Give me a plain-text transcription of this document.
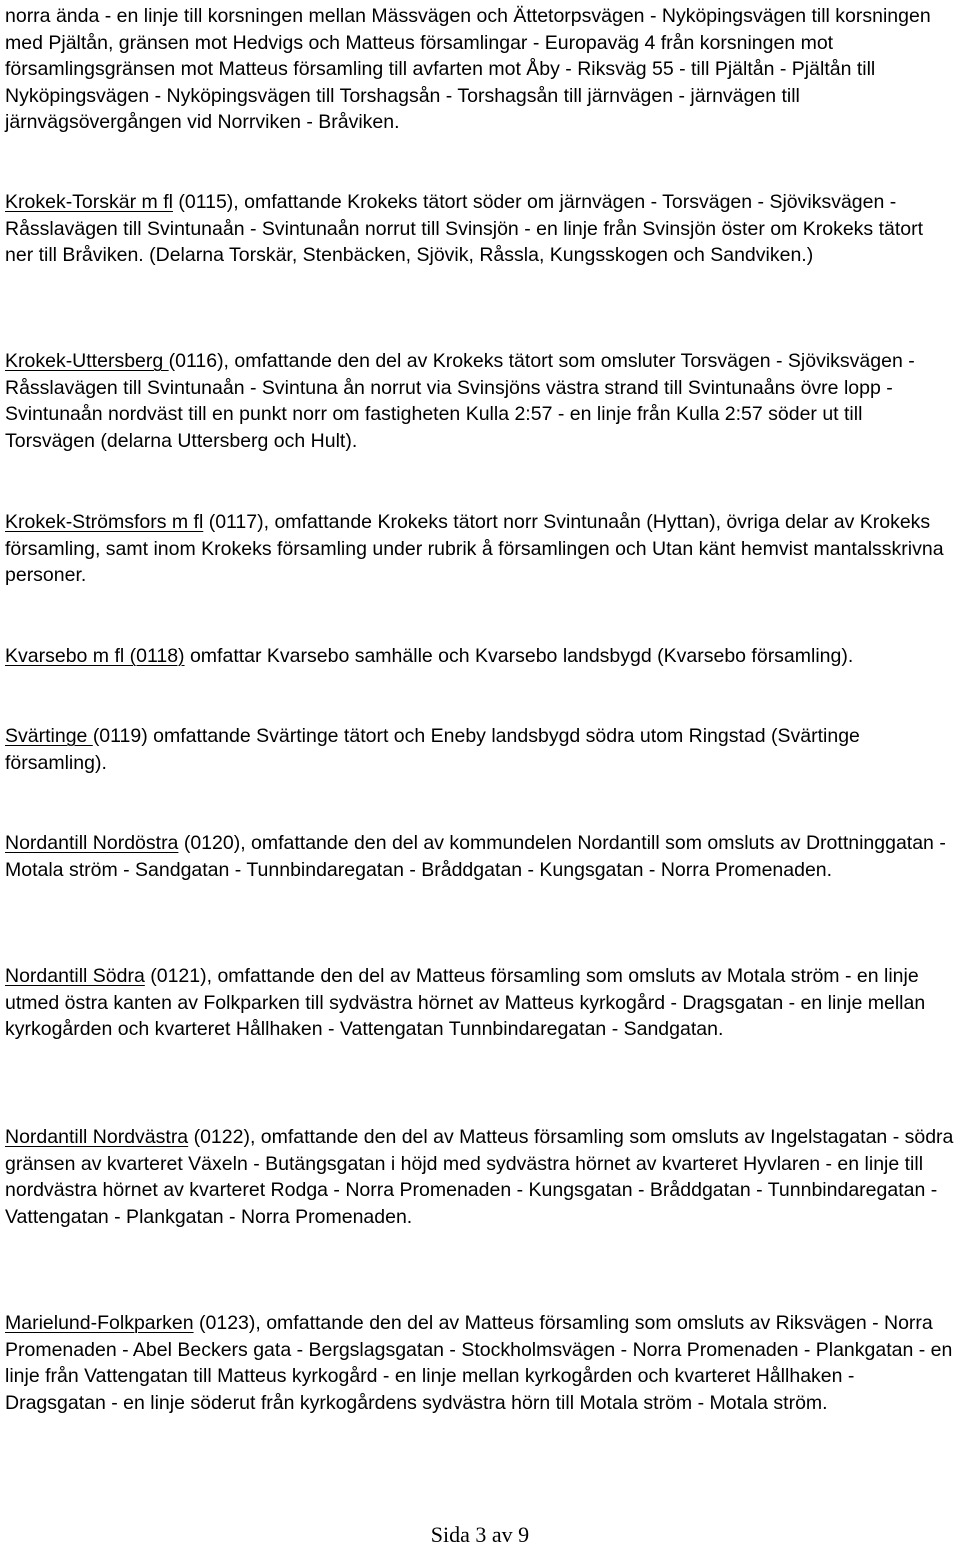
norra ända - en linje till korsningen mellan Mässvägen och Ättetorpsvägen - Nyköpingsvägen till korsningen med Pjältån, gränsen mot Hedvigs och Matteus församlingar - Europaväg 4 från korsningen mot församlingsgränsen mot Matteus församling till avfarten mot Åby - Riksväg 55 - till Pjältån - Pjältån till Nyköpingsvägen - Nyköpingsvägen till Torshagsån - Torshagsån till järnvägen - järnvägen till järnvägsövergången vid Norrviken - Bråviken.

Krokek-Torskär m fl (0115), omfattande Krokeks tätort söder om järnvägen - Torsvägen - Sjöviksvägen - Råsslavägen till Svintunaån - Svintunaån norrut till Svinsjön - en linje från Svinsjön öster om Krokeks tätort ner till Bråviken. (Delarna Torskär, Stenbäcken, Sjövik, Råssla, Kungsskogen och Sandviken.)

Krokek-Uttersberg (0116), omfattande den del av Krokeks tätort som omsluter Torsvägen - Sjöviksvägen - Råsslavägen till Svintunaån - Svintuna ån norrut via Svinsjöns västra strand till Svintunaåns övre lopp - Svintunaån nordväst till en punkt norr om fastigheten Kulla 2:57 - en linje från Kulla 2:57 söder ut till Torsvägen (delarna Uttersberg och Hult).

Krokek-Strömsfors m fl (0117), omfattande Krokeks tätort norr Svintunaån (Hyttan), övriga delar av Krokeks församling, samt inom Krokeks församling under rubrik å församlingen och Utan känt hemvist mantalsskrivna personer.

Kvarsebo m fl (0118) omfattar Kvarsebo samhälle och Kvarsebo landsbygd (Kvarsebo församling).

Svärtinge (0119) omfattande Svärtinge tätort och Eneby landsbygd södra utom Ringstad (Svärtinge församling).

Nordantill Nordöstra (0120), omfattande den del av kommundelen Nordantill som omsluts av Drottninggatan - Motala ström - Sandgatan - Tunnbindaregatan - Bråddgatan - Kungsgatan - Norra Promenaden.

Nordantill Södra (0121), omfattande den del av Matteus församling som omsluts av Motala ström - en linje utmed östra kanten av Folkparken till sydvästra hörnet av Matteus kyrkogård - Dragsgatan - en linje mellan kyrkogården och kvarteret Hållhaken - Vattengatan Tunnbindaregatan - Sandgatan.

Nordantill Nordvästra (0122), omfattande den del av Matteus församling som omsluts av Ingelstagatan - södra gränsen av kvarteret Växeln - Butängsgatan i höjd med sydvästra hörnet av kvarteret Hyvlaren - en linje till nordvästra hörnet av kvarteret Rodga - Norra Promenaden - Kungsgatan - Bråddgatan - Tunnbindaregatan - Vattengatan - Plankgatan - Norra Promenaden.

Marielund-Folkparken (0123), omfattande den del av Matteus församling som omsluts av Riksvägen - Norra Promenaden - Abel Beckers gata - Bergslagsgatan - Stockholmsvägen - Norra Promenaden - Plankgatan - en linje från Vattengatan till Matteus kyrkogård - en linje mellan kyrkogården och kvarteret Hållhaken - Dragsgatan - en linje söderut från kyrkogårdens sydvästra hörn till Motala ström - Motala ström.

Sida 3 av 9
